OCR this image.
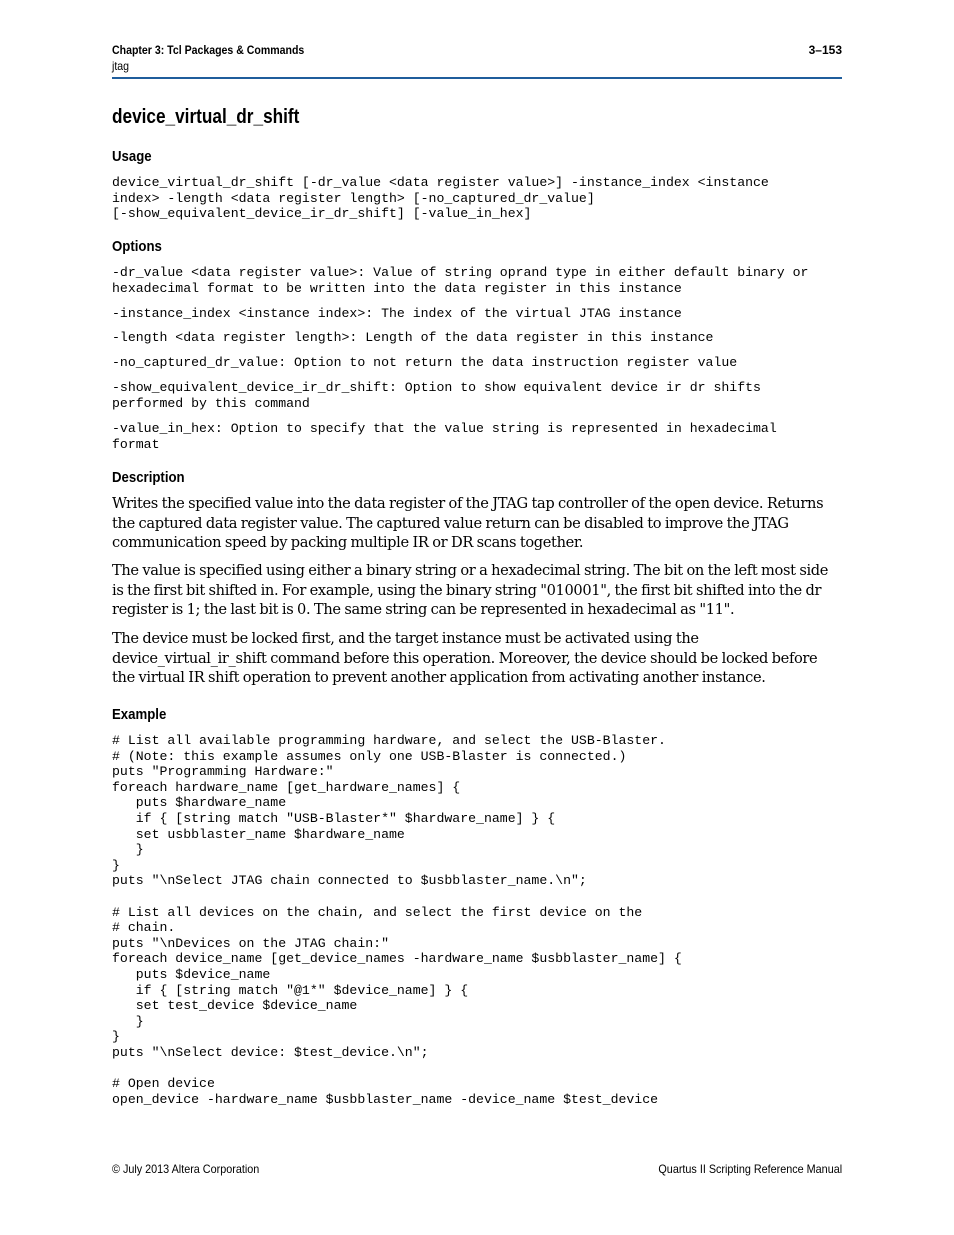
Chapter 3: Tcl Packages & Commands	3–153
jtag
device_virtual_dr_shift
Usage
device_virtual_dr_shift [-dr_value <data register value>] -instance_index <instance
index> -length <data register length> [-no_captured_dr_value]
[-show_equivalent_device_ir_dr_shift] [-value_in_hex]
Options
-dr_value <data register value>: Value of string oprand type in either default binary or
hexadecimal format to be written into the data register in this instance
-instance_index <instance index>: The index of the virtual JTAG instance
-length <data register length>: Length of the data register in this instance
-no_captured_dr_value: Option to not return the data instruction register value
-show_equivalent_device_ir_dr_shift: Option to show equivalent device ir dr shifts
performed by this command
-value_in_hex: Option to specify that the value string is represented in hexadecimal
format
Description

Writes the specified value into the data register of the JTAG tap controller of the open device. Returns the captured data register value. The captured value return can be disabled to improve the JTAG communication speed by packing multiple IR or DR scans together.

The value is specified using either a binary string or a hexadecimal string. The bit on the left most side is the first bit shifted in. For example, using the binary string "010001", the first bit shifted into the dr register is 1; the last bit is 0. The same string can be represented in hexadecimal as "11".

The device must be locked first, and the target instance must be activated using the device_virtual_ir_shift command before this operation. Moreover, the device should be locked before the virtual IR shift operation to prevent another application from activating another instance.

Example
# List all available programming hardware, and select the USB-Blaster.
# (Note: this example assumes only one USB-Blaster is connected.)
puts "Programming Hardware:"
foreach hardware_name [get_hardware_names] {
puts $hardware_name
if { [string match "USB-Blaster*" $hardware_name] } {
set usbblaster_name $hardware_name
}
}
puts "\nSelect JTAG chain connected to $usbblaster_name.\n";

# List all devices on the chain, and select the first device on the
# chain.
puts "\nDevices on the JTAG chain:"
foreach device_name [get_device_names -hardware_name $usbblaster_name] {
puts $device_name
if { [string match "@1*" $device_name] } {
set test_device $device_name
}
}
puts "\nSelect device: $test_device.\n";

# Open device
open_device -hardware_name $usbblaster_name -device_name $test_device
© July 2013 Altera Corporation	Quartus II Scripting Reference Manual
